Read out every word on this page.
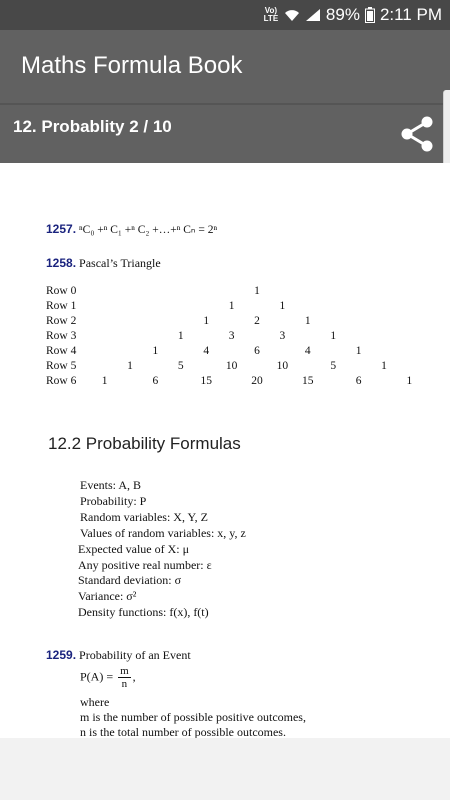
Vo) LTE	89% 2:11 PM
Maths Formula Book
12. Probablity 2 / 10
1257. ⁿC₀ +ⁿ C₁ +ⁿ C₂ +…+ⁿ Cₙ = 2ⁿ
1258. Pascal’s Triangle
Row 0	1
Row 1	1	1
Row 2	1	2	1
Row 3	1	3	3	1
Row 4	1	4	6	4	1
Row 5	1	5	10	10	5	1
Row 6 1	6	15	20	15	6	1
12.2 Probability Formulas
Events: A, B
Probability: P
Random variables: X, Y, Z
Values of random variables: x, y, z
Expected value of X: μ
Any positive real number: ε
Standard deviation: σ
Variance: σ²
Density functions: f(x), f(t)
1259. Probability of an Event
$P(A) = \frac{m}{n}$ ,
where
m is the number of possible positive outcomes,
n is the total number of possible outcomes.
